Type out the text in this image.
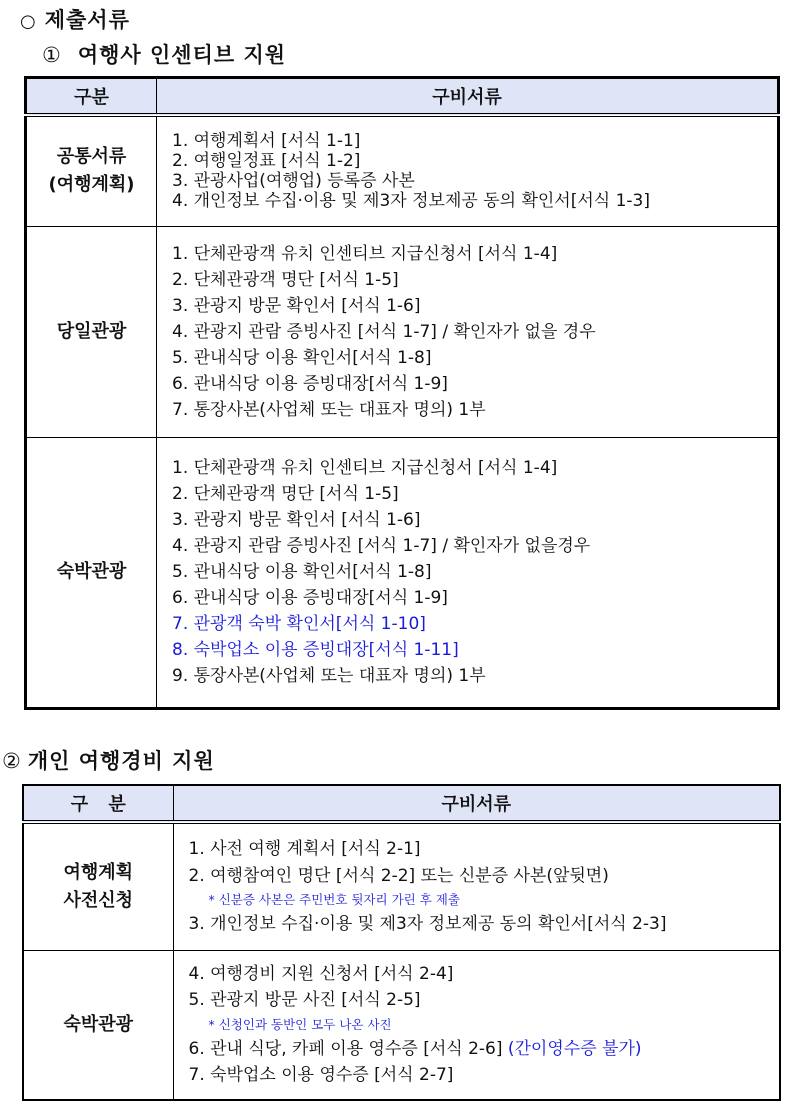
○ 제출서류
① 여행사 인센티브 지원
구분	구비서류

공통서류
(여행계획)

1. 여행계획서 [서식 1-1]
2. 여행일정표 [서식 1-2]
3. 관광사업(여행업) 등록증 사본
4. 개인정보 수집·이용 및 제3자 정보제공 동의 확인서[서식 1-3]

당일관광

1. 단체관광객 유치 인센티브 지급신청서 [서식 1-4]
2. 단체관광객 명단 [서식 1-5]
3. 관광지 방문 확인서 [서식 1-6]
4. 관광지 관람 증빙사진 [서식 1-7] / 확인자가 없을 경우
5. 관내식당 이용 확인서[서식 1-8]
6. 관내식당 이용 증빙대장[서식 1-9]
7. 통장사본(사업체 또는 대표자 명의) 1부

숙박관광

1. 단체관광객 유치 인센티브 지급신청서 [서식 1-4]
2. 단체관광객 명단 [서식 1-5]
3. 관광지 방문 확인서 [서식 1-6]
4. 관광지 관람 증빙사진 [서식 1-7] / 확인자가 없을경우
5. 관내식당 이용 확인서[서식 1-8]
6. 관내식당 이용 증빙대장[서식 1-9]
7. 관광객 숙박 확인서[서식 1-10]
8. 숙박업소 이용 증빙대장[서식 1-11]
9. 통장사본(사업체 또는 대표자 명의) 1부
② 개인 여행경비 지원
구 분	구비서류

여행계획
사전신청

1. 사전 여행 계획서 [서식 2-1]
2. 여행참여인 명단 [서식 2-2] 또는 신분증 사본(앞뒷면)
* 신분증 사본은 주민번호 뒷자리 가린 후 제출
3. 개인정보 수집·이용 및 제3자 정보제공 동의 확인서[서식 2-3]

숙박관광	4. 여행경비 지원 신청서 [서식 2-4]
5. 관광지 방문 사진 [서식 2-5]
* 신청인과 동반인 모두 나온 사진
6. 관내 식당, 카페 이용 영수증 [서식 2-6] (간이영수증 불가)
7. 숙박업소 이용 영수증 [서식 2-7]
